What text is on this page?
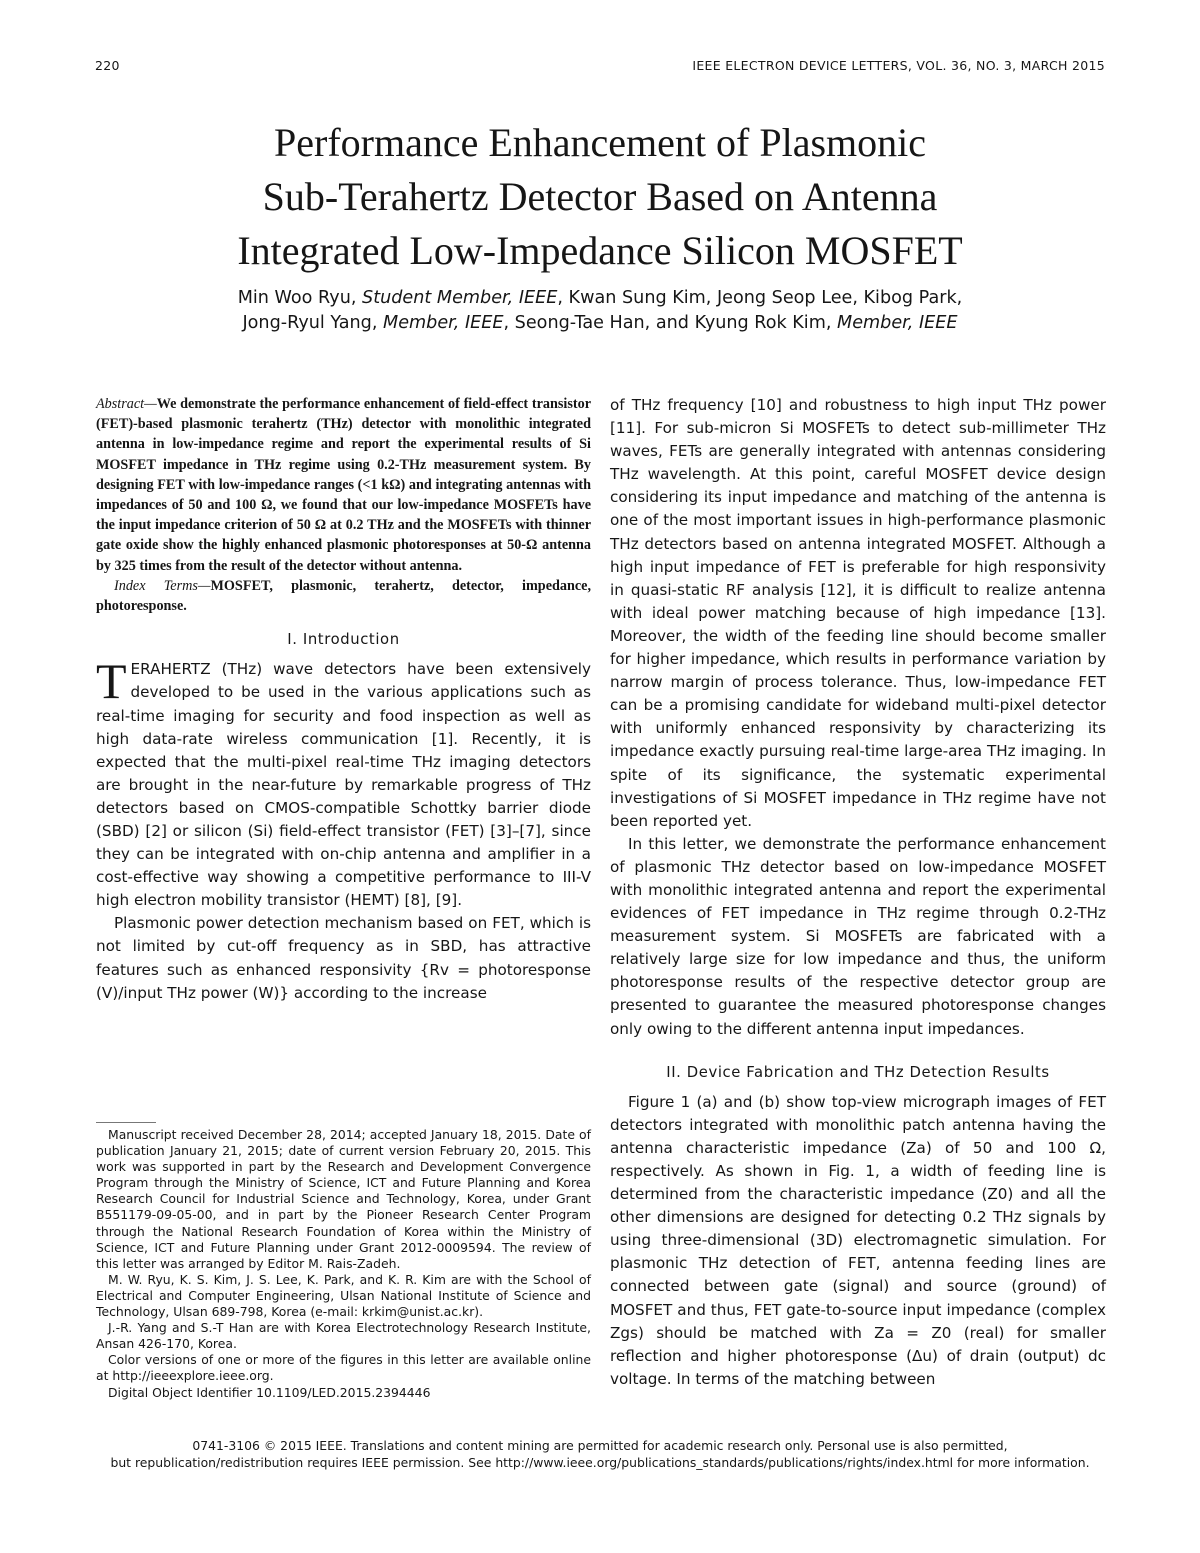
220	IEEE ELECTRON DEVICE LETTERS, VOL. 36, NO. 3, MARCH 2015
Performance Enhancement of Plasmonic
Sub-Terahertz Detector Based on Antenna
Integrated Low-Impedance Silicon MOSFET
Min Woo Ryu, Student Member, IEEE, Kwan Sung Kim, Jeong Seop Lee, Kibog Park,
Jong-Ryul Yang, Member, IEEE, Seong-Tae Han, and Kyung Rok Kim, Member, IEEE

Abstract—We demonstrate the performance enhancement of field-effect transistor (FET)-based plasmonic terahertz (THz) detector with monolithic integrated antenna in low-impedance regime and report the experimental results of Si MOSFET impedance in THz regime using 0.2-THz measurement system. By designing FET with low-impedance ranges (<1 kΩ) and integrating antennas with impedances of 50 and 100 Ω, we found that our low-impedance MOSFETs have the input impedance criterion of 50 Ω at 0.2 THz and the MOSFETs with thinner gate oxide show the highly enhanced plasmonic photoresponses at 50-Ω antenna by 325 times from the result of the detector without antenna.

Index Terms—MOSFET, plasmonic, terahertz, detector, impedance, photoresponse.

I. Introduction

TERAHERTZ (THz) wave detectors have been extensively developed to be used in the various applications such as real-time imaging for security and food inspection as well as high data-rate wireless communication [1]. Recently, it is expected that the multi-pixel real-time THz imaging detectors are brought in the near-future by remarkable progress of THz detectors based on CMOS-compatible Schottky barrier diode (SBD) [2] or silicon (Si) field-effect transistor (FET) [3]–[7], since they can be integrated with on-chip antenna and amplifier in a cost-effective way showing a competitive performance to III-V high electron mobility transistor (HEMT) [8], [9].

Plasmonic power detection mechanism based on FET, which is not limited by cut-off frequency as in SBD, has attractive features such as enhanced responsivity {Rv = photoresponse (V)/input THz power (W)} according to the increase

Manuscript received December 28, 2014; accepted January 18, 2015. Date of publication January 21, 2015; date of current version February 20, 2015. This work was supported in part by the Research and Development Convergence Program through the Ministry of Science, ICT and Future Planning and Korea Research Council for Industrial Science and Technology, Korea, under Grant B551179-09-05-00, and in part by the Pioneer Research Center Program through the National Research Foundation of Korea within the Ministry of Science, ICT and Future Planning under Grant 2012-0009594. The review of this letter was arranged by Editor M. Rais-Zadeh.

M. W. Ryu, K. S. Kim, J. S. Lee, K. Park, and K. R. Kim are with the School of Electrical and Computer Engineering, Ulsan National Institute of Science and Technology, Ulsan 689-798, Korea (e-mail: krkim@unist.ac.kr).

J.-R. Yang and S.-T Han are with Korea Electrotechnology Research Institute, Ansan 426-170, Korea.

Color versions of one or more of the figures in this letter are available online at http://ieeexplore.ieee.org.

Digital Object Identifier 10.1109/LED.2015.2394446

of THz frequency [10] and robustness to high input THz power [11]. For sub-micron Si MOSFETs to detect sub-millimeter THz waves, FETs are generally integrated with antennas considering THz wavelength. At this point, careful MOSFET device design considering its input impedance and matching of the antenna is one of the most important issues in high-performance plasmonic THz detectors based on antenna integrated MOSFET. Although a high input impedance of FET is preferable for high responsivity in quasi-static RF analysis [12], it is difficult to realize antenna with ideal power matching because of high impedance [13]. Moreover, the width of the feeding line should become smaller for higher impedance, which results in performance variation by narrow margin of process tolerance. Thus, low-impedance FET can be a promising candidate for wideband multi-pixel detector with uniformly enhanced responsivity by characterizing its impedance exactly pursuing real-time large-area THz imaging. In spite of its significance, the systematic experimental investigations of Si MOSFET impedance in THz regime have not been reported yet.

In this letter, we demonstrate the performance enhancement of plasmonic THz detector based on low-impedance MOSFET with monolithic integrated antenna and report the experimental evidences of FET impedance in THz regime through 0.2-THz measurement system. Si MOSFETs are fabricated with a relatively large size for low impedance and thus, the uniform photoresponse results of the respective detector group are presented to guarantee the measured photoresponse changes only owing to the different antenna input impedances.

II. Device Fabrication and THz Detection Results

Figure 1 (a) and (b) show top-view micrograph images of FET detectors integrated with monolithic patch antenna having the antenna characteristic impedance (Za) of 50 and 100 Ω, respectively. As shown in Fig. 1, a width of feeding line is determined from the characteristic impedance (Z0) and all the other dimensions are designed for detecting 0.2 THz signals by using three-dimensional (3D) electromagnetic simulation. For plasmonic THz detection of FET, antenna feeding lines are connected between gate (signal) and source (ground) of MOSFET and thus, FET gate-to-source input impedance (complex Zgs) should be matched with Za = Z0 (real) for smaller reflection and higher photoresponse (Δu) of drain (output) dc voltage. In terms of the matching between

0741-3106 © 2015 IEEE. Translations and content mining are permitted for academic research only. Personal use is also permitted,
but republication/redistribution requires IEEE permission. See http://www.ieee.org/publications_standards/publications/rights/index.html for more information.
